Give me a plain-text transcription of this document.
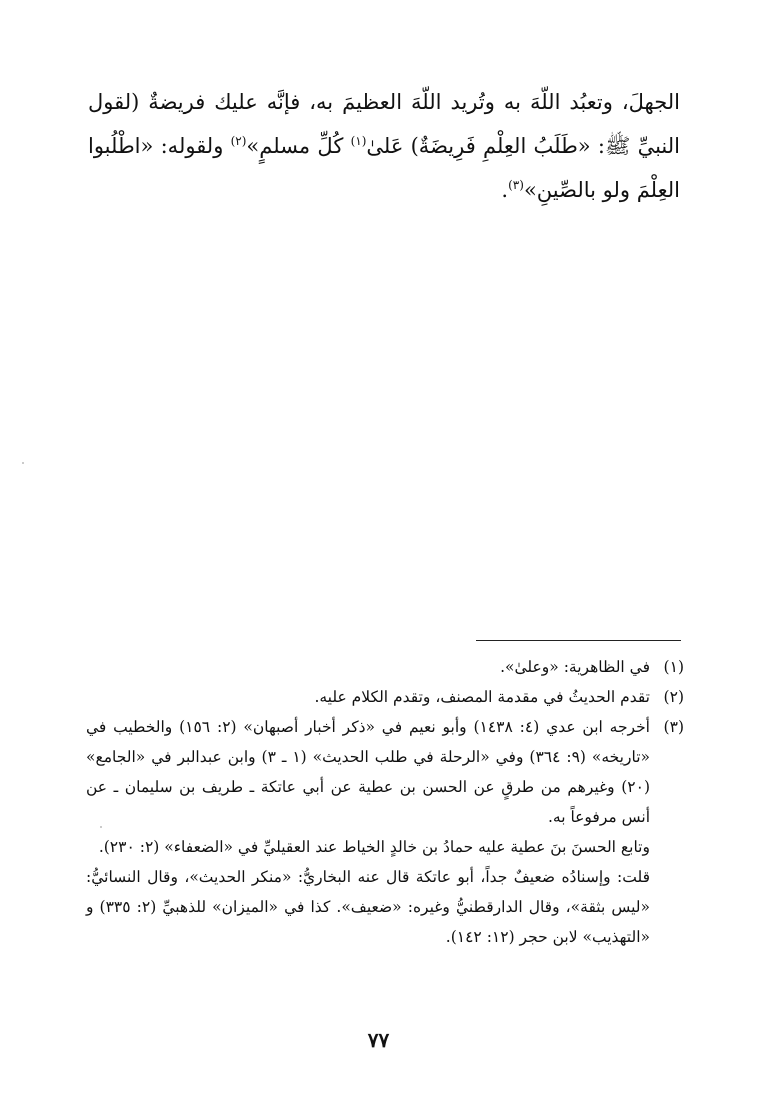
الجهلَ، وتعبُد اللّهَ به وتُريد اللّهَ العظيمَ به، فإنَّه عليك فريضةٌ (لقول النبيِّ ﷺ: «طَلَبُ العِلْمِ فَرِيضَةٌ) عَلىٰ$^{(١)}$ كُلِّ مسلمٍ»$^{(٢)}$ ولقوله: «اطْلُبوا العِلْمَ ولو بالصِّينِ»$^{(٣)}$.

(١)

في الظاهرية: «وعلىٰ».

(٢)

تقدم الحديثُ في مقدمة المصنف، وتقدم الكلام عليه.

(٣)

أخرجه ابن عدي (٤: ١٤٣٨) وأبو نعيم في «ذكر أخبار أصبهان» (٢: ١٥٦) والخطيب في «تاريخه» (٩: ٣٦٤) وفي «الرحلة في طلب الحديث» (١ ـ ٣) وابن عبدالبر في «الجامع» (٢٠) وغيرهم من طرقٍ عن الحسن بن عطية عن أبي عاتكة ـ طريف بن سليمان ـ عن أنس مرفوعاً به.

وتابع الحسنَ بنَ عطية عليه حمادُ بن خالدٍ الخياط عند العقيليِّ في «الضعفاء» (٢: ٢٣٠).

قلت: وإسنادُه ضعيفٌ جداً، أبو عاتكة قال عنه البخاريُّ: «منكر الحديث»، وقال النسائيُّ: «ليس بثقة»، وقال الدارقطنيُّ وغيره: «ضعيف». كذا في «الميزان» للذهبيِّ (٢: ٣٣٥) و «التهذيب» لابن حجر (١٢: ١٤٢).

٧٧
